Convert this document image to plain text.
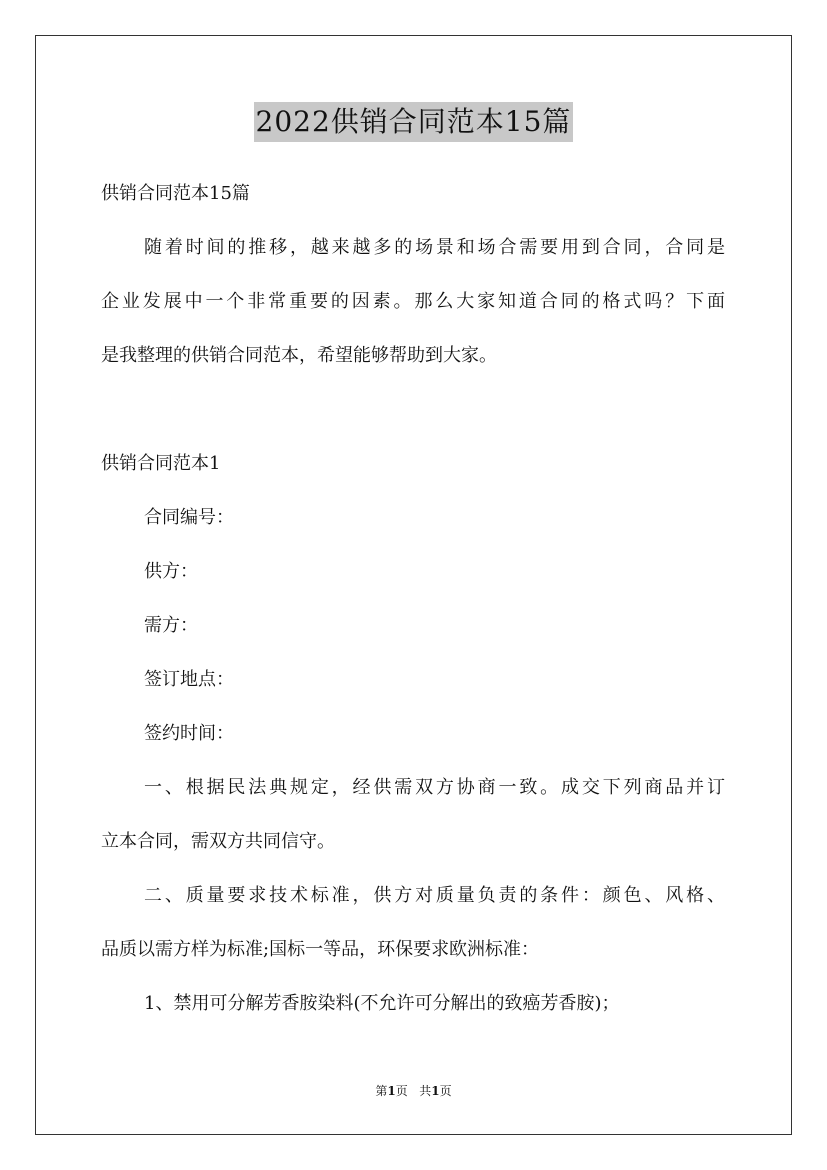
2022供销合同范本15篇
供销合同范本15篇
随着时间的推移，越来越多的场景和场合需要用到合同，合同是
企业发展中一个非常重要的因素。那么大家知道合同的格式吗？下面
是我整理的供销合同范本，希望能够帮助到大家。
供销合同范本1
合同编号：
供方：
需方：
签订地点：
签约时间：
一、根据民法典规定，经供需双方协商一致。成交下列商品并订
立本合同，需双方共同信守。
二、质量要求技术标准，供方对质量负责的条件：颜色、风格、
品质以需方样为标准;国标一等品，环保要求欧洲标准：
1、禁用可分解芳香胺染料(不允许可分解出的致癌芳香胺)；
第1页 共1页
